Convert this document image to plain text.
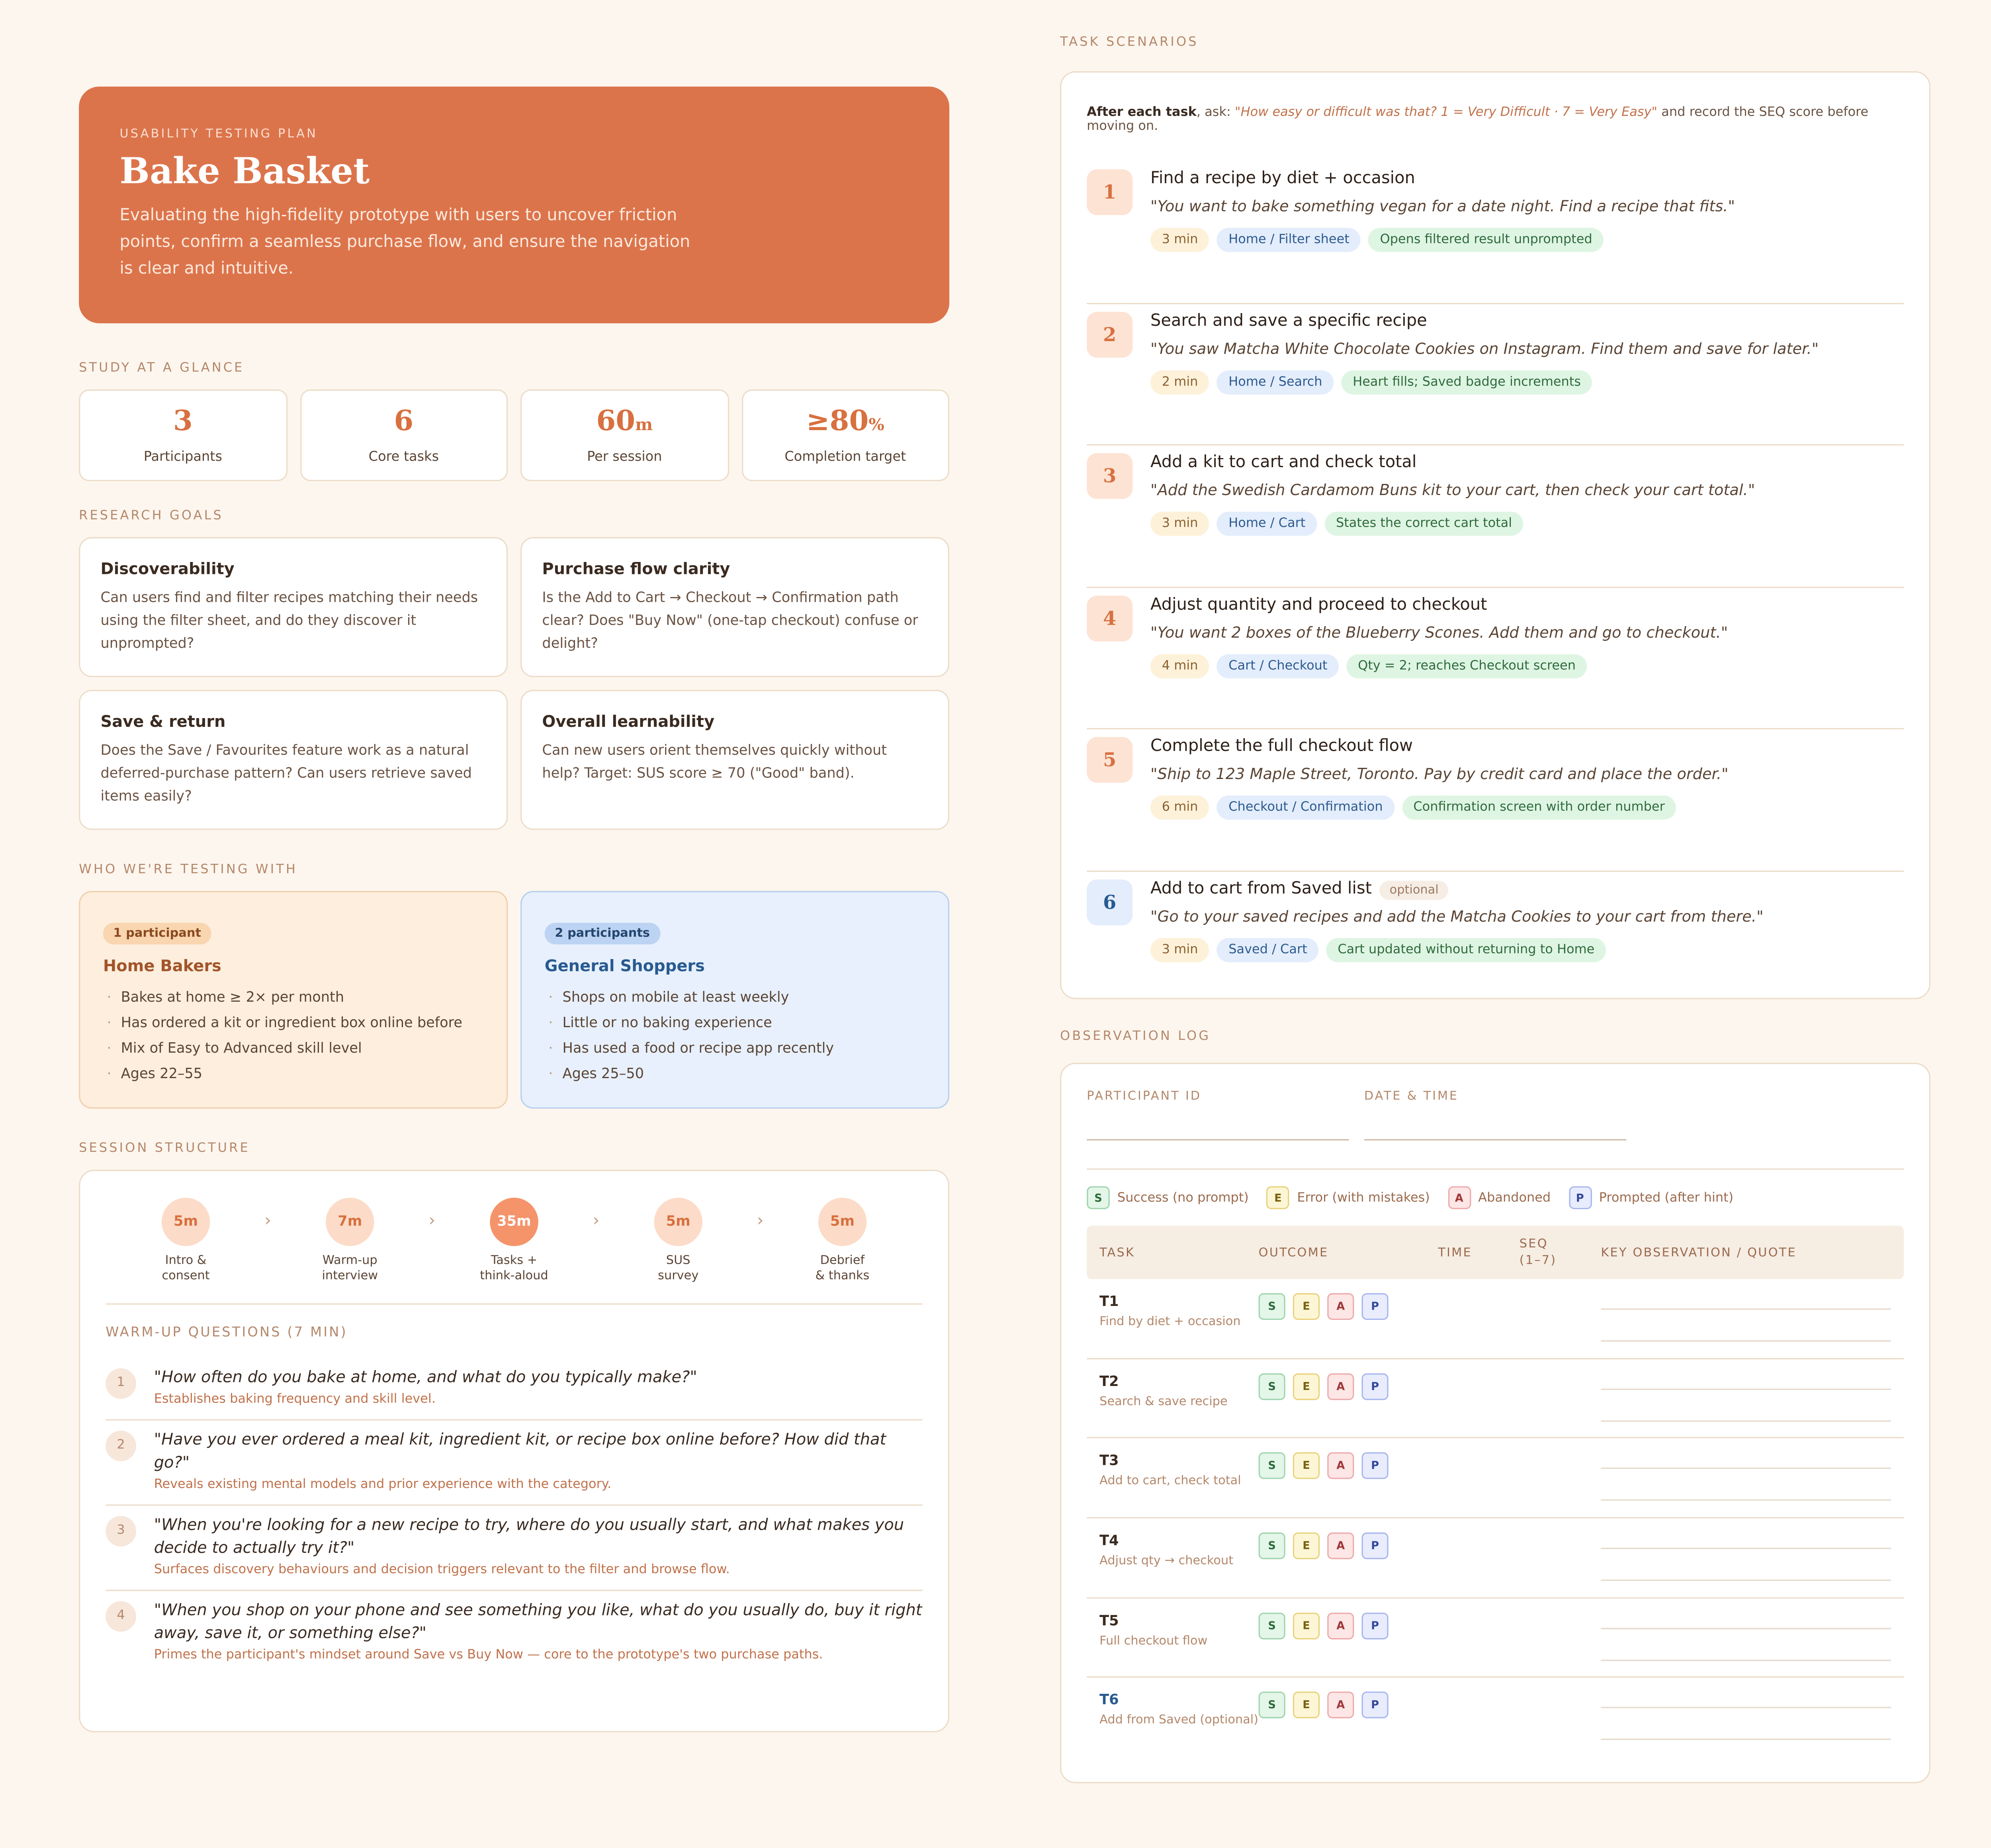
USABILITY TESTING PLAN
Bake Basket
Evaluating the high-fidelity prototype with users to uncover friction points, confirm a seamless purchase flow, and ensure the navigation is clear and intuitive.
STUDY AT A GLANCE
3
Participants
6
Core tasks
60m
Per session
≥80%
Completion target
RESEARCH GOALS
Discoverability
Can users find and filter recipes matching their needs using the filter sheet, and do they discover it unprompted?
Purchase flow clarity
Is the Add to Cart → Checkout → Confirmation path clear? Does "Buy Now" (one-tap checkout) confuse or delight?
Save & return
Does the Save / Favourites feature work as a natural deferred-purchase pattern? Can users retrieve saved items easily?
Overall learnability
Can new users orient themselves quickly without help? Target: SUS score ≥ 70 ("Good" band).
WHO WE'RE TESTING WITH
1 participant
Home Bakers
· Bakes at home ≥ 2× per month
· Has ordered a kit or ingredient box online before
· Mix of Easy to Advanced skill level
· Ages 22–55
2 participants
General Shoppers
· Shops on mobile at least weekly
· Little or no baking experience
· Has used a food or recipe app recently
· Ages 25–50
SESSION STRUCTURE
5m
Intro &
consent
›	7m
Warm-up
interview
›	35m
Tasks +
think-aloud
›	5m
SUS
survey
›	5m
Debrief
& thanks
WARM-UP QUESTIONS (7 MIN)
1	"How often do you bake at home, and what do you typically make?"
Establishes baking frequency and skill level.
2	"Have you ever ordered a meal kit, ingredient kit, or recipe box online before? How did that go?"
Reveals existing mental models and prior experience with the category.
3	"When you're looking for a new recipe to try, where do you usually start, and what makes you decide to actually try it?"
Surfaces discovery behaviours and decision triggers relevant to the filter and browse flow.
4	"When you shop on your phone and see something you like, what do you usually do, buy it right away, save it, or something else?"
Primes the participant's mindset around Save vs Buy Now — core to the prototype's two purchase paths.
TASK SCENARIOS
After each task, ask: "How easy or difficult was that? 1 = Very Difficult · 7 = Very Easy" and record the SEQ score before moving on.
1
Find a recipe by diet + occasion
"You want to bake something vegan for a date night. Find a recipe that fits."
3 min	Home / Filter sheet	Opens filtered result unprompted
2
Search and save a specific recipe
"You saw Matcha White Chocolate Cookies on Instagram. Find them and save for later."
2 min	Home / Search	Heart fills; Saved badge increments
3
Add a kit to cart and check total
"Add the Swedish Cardamom Buns kit to your cart, then check your cart total."
3 min	Home / Cart	States the correct cart total
4
Adjust quantity and proceed to checkout
"You want 2 boxes of the Blueberry Scones. Add them and go to checkout."
4 min	Cart / Checkout	Qty = 2; reaches Checkout screen
5
Complete the full checkout flow
"Ship to 123 Maple Street, Toronto. Pay by credit card and place the order."
6 min	Checkout / Confirmation	Confirmation screen with order number
6
Add to cart from Saved list	optional
"Go to your saved recipes and add the Matcha Cookies to your cart from there."
3 min	Saved / Cart	Cart updated without returning to Home
OBSERVATION LOG
PARTICIPANT ID	DATE & TIME
S	Success (no prompt)	E	Error (with mistakes)	A	Abandoned	P	Prompted (after hint)
TASK	OUTCOME	TIME
SEQ
(1–7)
KEY OBSERVATION / QUOTE
T1
Find by diet + occasion
S	E	A	P
T2
Search & save recipe
S	E	A	P
T3
Add to cart, check total
S	E	A	P
T4
Adjust qty → checkout
S	E	A	P
T5
Full checkout flow
S	E	A	P
T6
Add from Saved (optional)
S	E	A	P
